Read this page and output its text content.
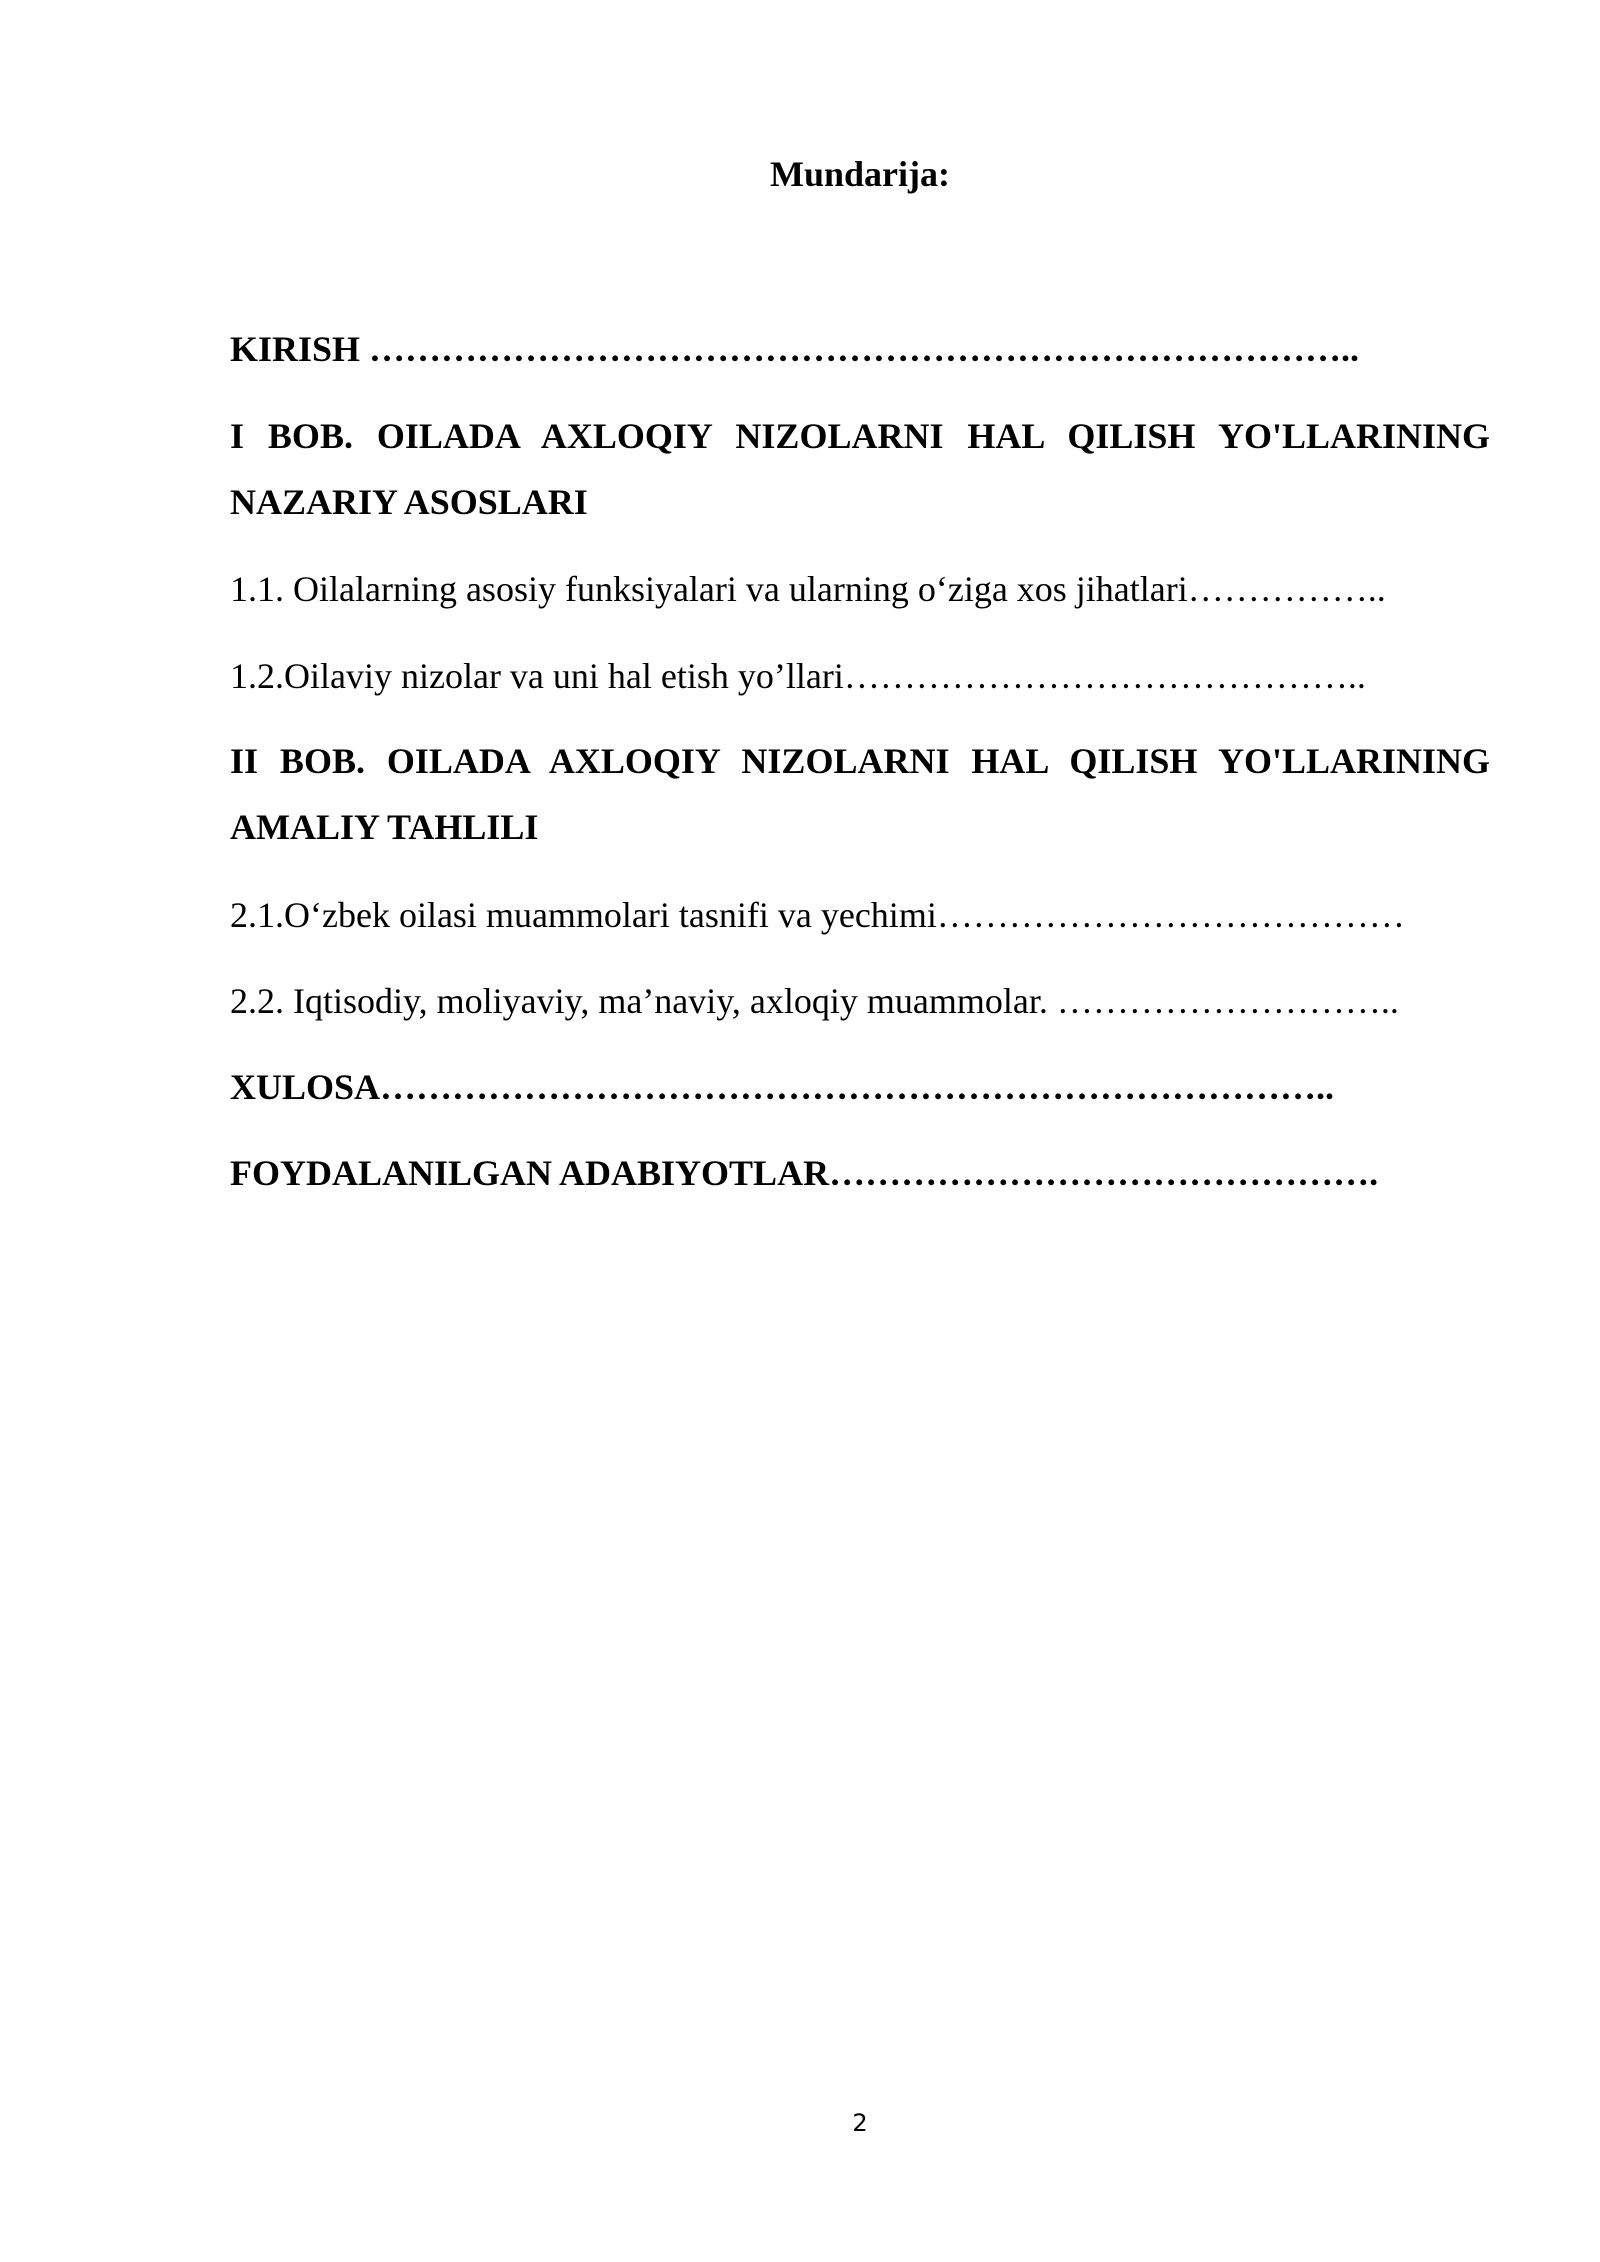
Mundarija:
KIRISH ………………………………………………………………………..
I BOB. OILADA AXLOQIY NIZOLARNI HAL QILISH YO'LLARINING NAZARIY ASOSLARI
1.1. Oilalarning asosiy funksiyalari va ularning o‘ziga xos jihatlari……………..
1.2.Oilaviy nizolar va uni hal etish yo’llari……………………………………..
II BOB. OILADA AXLOQIY NIZOLARNI HAL QILISH YO'LLARINING AMALIY TAHLILI
2.1.O‘zbek oilasi muammolari tasnifi va yechimi…………………………………
2.2. Iqtisodiy, moliyaviy, ma’naviy, axloqiy muammolar. ………………………..
XULOSA……………………………………………………………………..
FOYDALANILGAN ADABIYOTLAR……………………………………….
2
